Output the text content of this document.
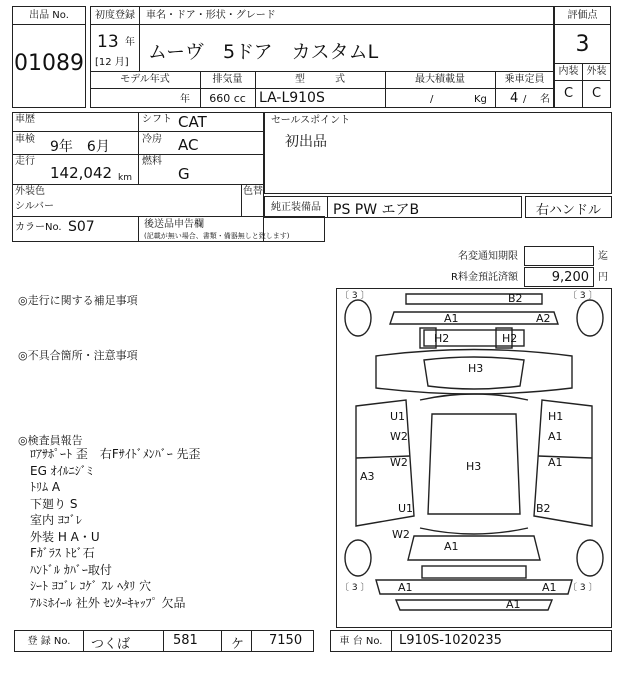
出品 No.
01089
初度登録
13 年
[12 月]
車名・ドア・形状・グレード
ムーヴ　5ドア　カスタムL
評価点
3
内装 外装
C	C
モデル年式
年
排気量
660 cc
型　　　式
LA-L910S
最大積載量
/	Kg
乗車定員
4 / 名
車歴	シフト CAT
車検 9年　6月	冷房 AC
走行
142,042 km
燃料
G
外装色
シルバー
色替
カラーNo. S07	後送品申告欄
(記載が無い場合、書類・備器無しと致します)
セールスポイント
初出品
純正装備品 PS PW エアB	右ハンドル
名変通知期限	迄
R料金預託済額	9,200 円
◎走行に関する補足事項
◎不具合箇所・注意事項
◎検査員報告
ﾛｱｻﾎﾟｰﾄ 歪　右Fｻｲﾄﾞﾒﾝﾊﾞｰ 先歪
EG ｵｲﾙﾆｼﾞﾐ
ﾄﾘﾑ A
下廻り S
室内 ﾖｺﾞﾚ
外装 H A・U
Fｶﾞﾗｽ ﾄﾋﾞ石
ﾊﾝﾄﾞﾙ ｶﾊﾞｰ取付
ｼｰﾄ ﾖｺﾞﾚ ｺｹﾞ ｽﾚ ﾍﾀﾘ 穴
ｱﾙﾐﾎｲｰﾙ 社外 ｾﾝﾀｰｷｬｯﾌﾟ 欠品
〔 3 〕	〔 3 〕
〔 3 〕	〔 3 〕
B2
A1	A2
H2	H2
H3
U1
W2
W2
A3
H3
U1
W2
H1
A1
A1
B2
A1
A1	A1
A1
登 録 No.	つくば	581	ケ 7150	車 台 No.	L910S-1020235
